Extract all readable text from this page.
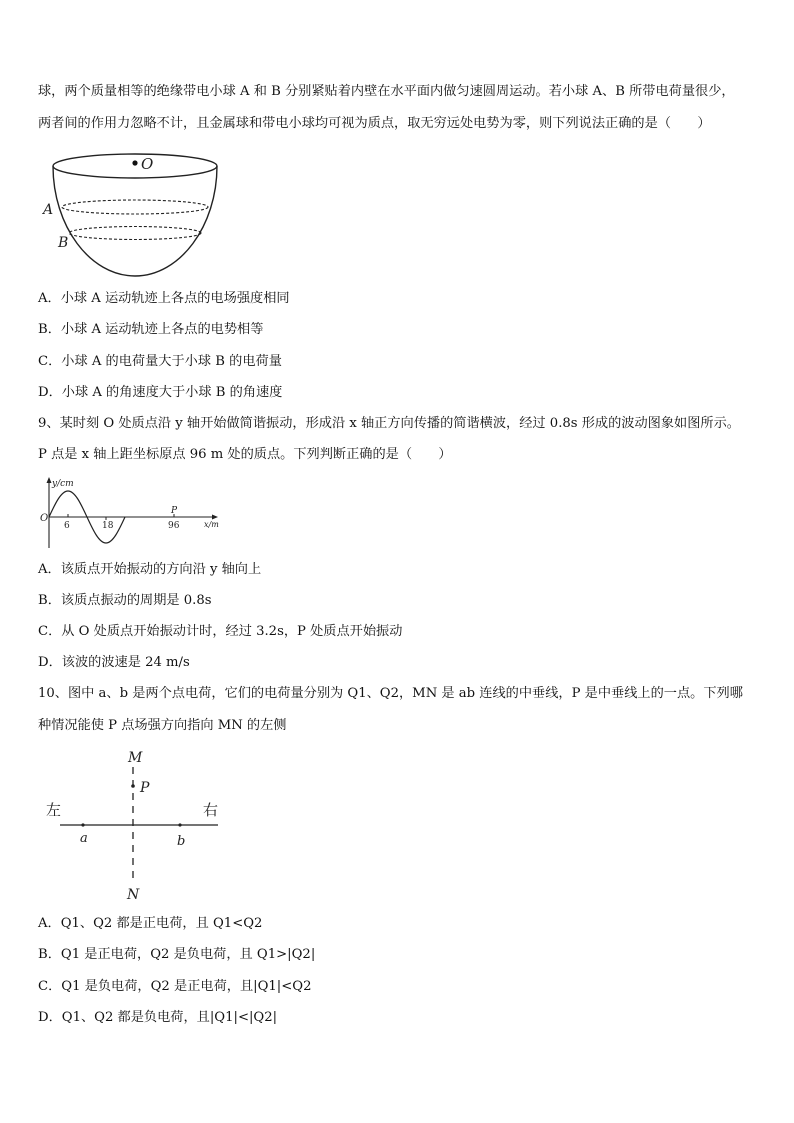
球，两个质量相等的绝缘带电小球 A 和 B 分别紧贴着内壁在水平面内做匀速圆周运动。若小球 A、B 所带电荷量很少，
两者间的作用力忽略不计，且金属球和带电小球均可视为质点，取无穷远处电势为零，则下列说法正确的是（　　）
O
A
B
A．小球 A 运动轨迹上各点的电场强度相同
B．小球 A 运动轨迹上各点的电势相等
C．小球 A 的电荷量大于小球 B 的电荷量
D．小球 A 的角速度大于小球 B 的角速度
9、某时刻 O 处质点沿 y 轴开始做简谐振动，形成沿 x 轴正方向传播的简谐横波，经过 0.8s 形成的波动图象如图所示。
P 点是 x 轴上距坐标原点 96 m 处的质点。下列判断正确的是（　　）
y/cm
O
6	18	96
P
x/m
A．该质点开始振动的方向沿 y 轴向上
B．该质点振动的周期是 0.8s
C．从 O 处质点开始振动计时，经过 3.2s，P 处质点开始振动
D．该波的波速是 24 m/s
10、图中 a、b 是两个点电荷，它们的电荷量分别为 Q1、Q2，MN 是 ab 连线的中垂线，P 是中垂线上的一点。下列哪
种情况能使 P 点场强方向指向 MN 的左侧
M
P
左	右
a	b
N
A．Q1、Q2 都是正电荷，且 Q1<Q2
B．Q1 是正电荷，Q2 是负电荷，且 Q1>|Q2|
C．Q1 是负电荷，Q2 是正电荷，且|Q1|<Q2
D．Q1、Q2 都是负电荷，且|Q1|<|Q2|
